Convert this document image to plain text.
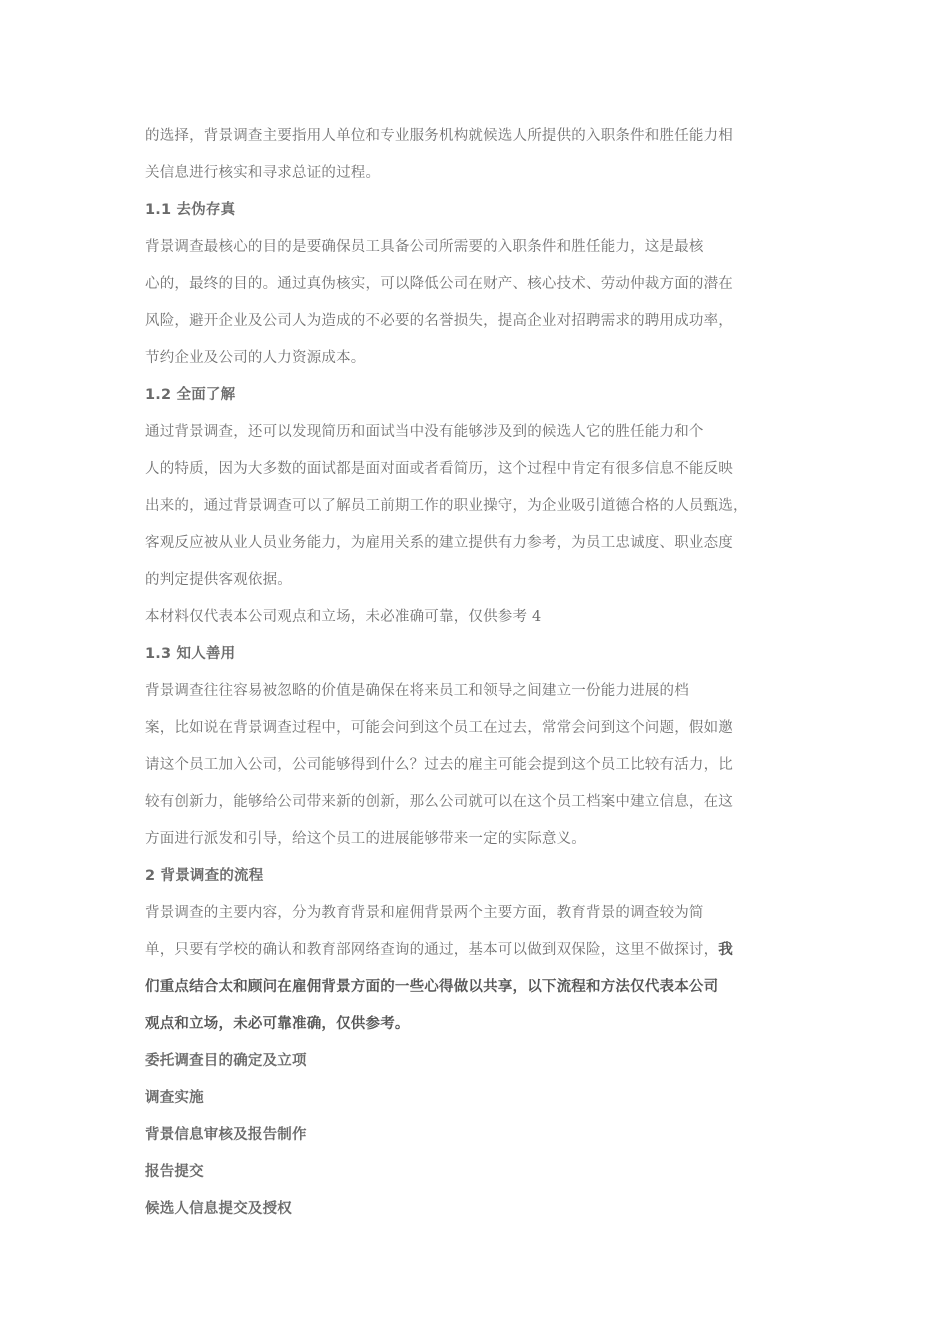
的选择，背景调查主要指用人单位和专业服务机构就候选人所提供的入职条件和胜任能力相
关信息进行核实和寻求总证的过程。
1.1 去伪存真
背景调查最核心的目的是要确保员工具备公司所需要的入职条件和胜任能力，这是最核
心的，最终的目的。通过真伪核实，可以降低公司在财产、核心技术、劳动仲裁方面的潜在
风险，避开企业及公司人为造成的不必要的名誉损失，提高企业对招聘需求的聘用成功率，
节约企业及公司的人力资源成本。
1.2 全面了解
通过背景调查，还可以发现简历和面试当中没有能够涉及到的候选人它的胜任能力和个
人的特质，因为大多数的面试都是面对面或者看简历，这个过程中肯定有很多信息不能反映
出来的，通过背景调查可以了解员工前期工作的职业操守，为企业吸引道德合格的人员甄选，
客观反应被从业人员业务能力，为雇用关系的建立提供有力参考，为员工忠诚度、职业态度
的判定提供客观依据。
本材料仅代表本公司观点和立场，未必准确可靠，仅供参考 4
1.3 知人善用
背景调查往往容易被忽略的价值是确保在将来员工和领导之间建立一份能力进展的档
案，比如说在背景调查过程中，可能会问到这个员工在过去，常常会问到这个问题，假如邀
请这个员工加入公司，公司能够得到什么？过去的雇主可能会提到这个员工比较有活力，比
较有创新力，能够给公司带来新的创新，那么公司就可以在这个员工档案中建立信息，在这
方面进行派发和引导，给这个员工的进展能够带来一定的实际意义。
2 背景调查的流程
背景调查的主要内容，分为教育背景和雇佣背景两个主要方面，教育背景的调查较为简
单，只要有学校的确认和教育部网络查询的通过，基本可以做到双保险，这里不做探讨，我
们重点结合太和顾问在雇佣背景方面的一些心得做以共享，以下流程和方法仅代表本公司
观点和立场，未必可靠准确，仅供参考。
委托调查目的确定及立项
调查实施
背景信息审核及报告制作
报告提交
候选人信息提交及授权
